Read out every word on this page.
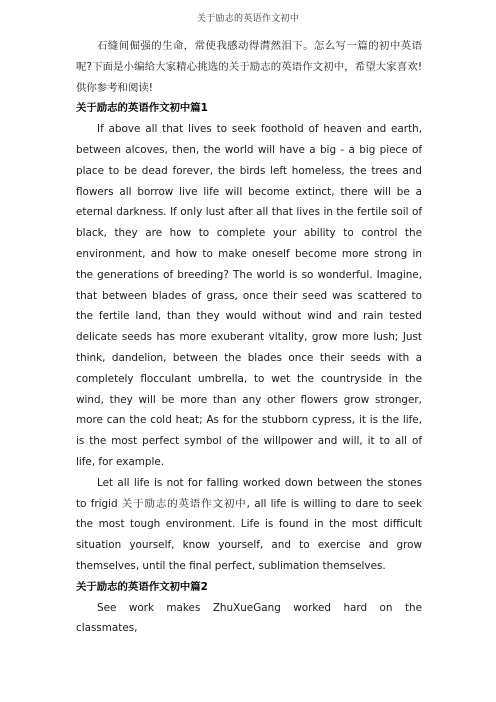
关于励志的英语作文初中

石缝间倔强的生命，常使我感动得潸然泪下。怎么写一篇的初中英语呢?下面是小编给大家精心挑选的关于励志的英语作文初中，希望大家喜欢!供你参考和阅读!

关于励志的英语作文初中篇1

If above all that lives to seek foothold of heaven and earth, between alcoves, then, the world will have a big - a big piece of place to be dead forever, the birds left homeless, the trees and flowers all borrow live life will become extinct, there will be a eternal darkness. If only lust after all that lives in the fertile soil of black, they are how to complete your ability to control the environment, and how to make oneself become more strong in the generations of breeding? The world is so wonderful. Imagine, that between blades of grass, once their seed was scattered to the fertile land, than they would without wind and rain tested delicate seeds has more exuberant vitality, grow more lush; Just think, dandelion, between the blades once their seeds with a completely flocculant umbrella, to wet the countryside in the wind, they will be more than any other flowers grow stronger, more can the cold heat; As for the stubborn cypress, it is the life, is the most perfect symbol of the willpower and will, it to all of life, for example.

Let all life is not for falling worked down between the stones to frigid 关于励志的英语作文初中, all life is willing to dare to seek the most tough environment. Life is found in the most difficult situation yourself, know yourself, and to exercise and grow themselves, until the final perfect, sublimation themselves.

关于励志的英语作文初中篇2

See work makes ZhuXueGang worked hard on the classmates,
